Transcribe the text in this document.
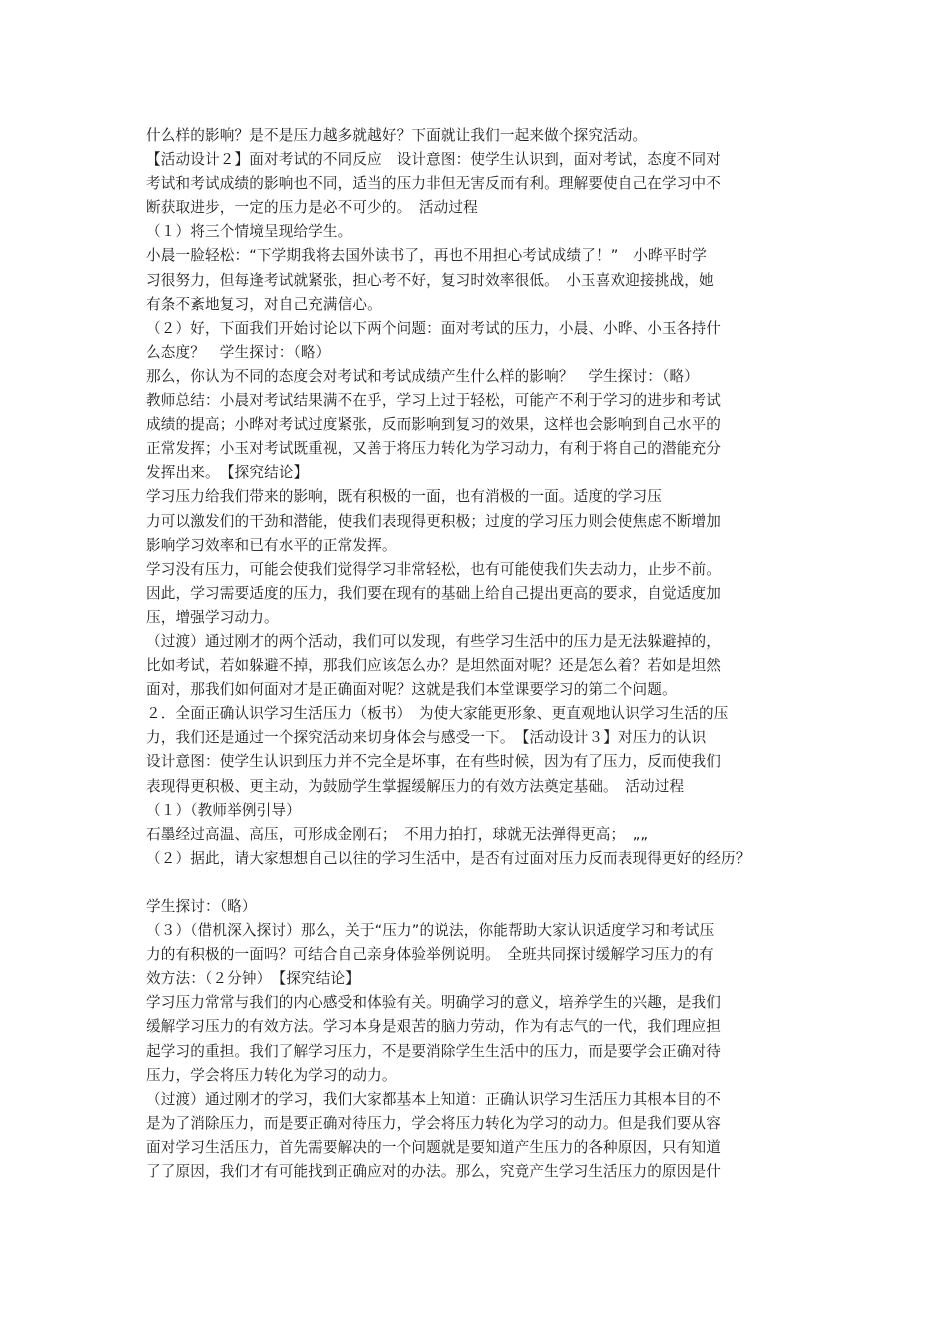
什么样的影响？是不是压力越多就越好？下面就让我们一起来做个探究活动。
【活动设计２】面对考试的不同反应　设计意图：使学生认识到，面对考试，态度不同对
考试和考试成绩的影响也不同，适当的压力非但无害反而有利。理解要使自己在学习中不
断获取进步，一定的压力是必不可少的。　活动过程
（１）将三个情境呈现给学生。
小晨一脸轻松：“下学期我将去国外读书了，再也不用担心考试成绩了！”　小晔平时学
习很努力，但每逢考试就紧张，担心考不好，复习时效率很低。　小玉喜欢迎接挑战，她
有条不紊地复习，对自己充满信心。
（２）好，下面我们开始讨论以下两个问题：面对考试的压力，小晨、小晔、小玉各持什
么态度？　学生探讨：（略）
那么，你认为不同的态度会对考试和考试成绩产生什么样的影响？　学生探讨：（略）
教师总结：小晨对考试结果满不在乎，学习上过于轻松，可能产不利于学习的进步和考试
成绩的提高；小晔对考试过度紧张，反而影响到复习的效果，这样也会影响到自己水平的
正常发挥；小玉对考试既重视，又善于将压力转化为学习动力，有利于将自己的潜能充分
发挥出来。　【探究结论】
学习压力给我们带来的影响，既有积极的一面，也有消极的一面。适度的学习压
力可以激发们的干劲和潜能，使我们表现得更积极；过度的学习压力则会使焦虑不断增加
影响学习效率和已有水平的正常发挥。
学习没有压力，可能会使我们觉得学习非常轻松，也有可能使我们失去动力，止步不前。
因此，学习需要适度的压力，我们要在现有的基础上给自己提出更高的要求，自觉适度加
压，增强学习动力。
（过渡）通过刚才的两个活动，我们可以发现，有些学习生活中的压力是无法躲避掉的，
比如考试，若如躲避不掉，那我们应该怎么办？是坦然面对呢？还是怎么着？若如是坦然
面对，那我们如何面对才是正确面对呢？这就是我们本堂课要学习的第二个问题。
２．全面正确认识学习生活压力（板书）　为使大家能更形象、更直观地认识学习生活的压
力，我们还是通过一个探究活动来切身体会与感受一下。　【活动设计３】对压力的认识
设计意图：使学生认识到压力并不完全是坏事，在有些时候，因为有了压力，反而使我们
表现得更积极、更主动，为鼓励学生掌握缓解压力的有效方法奠定基础。　活动过程
（１）（教师举例引导）
石墨经过高温、高压，可形成金刚石；　不用力拍打，球就无法弹得更高；　„„
（２）据此，请大家想想自己以往的学习生活中，是否有过面对压力反而表现得更好的经历？
学生探讨：（略）
（３）（借机深入探讨）那么，关于“压力”的说法，你能帮助大家认识适度学习和考试压
力的有积极的一面吗？可结合自己亲身体验举例说明。　全班共同探讨缓解学习压力的有
效方法：（２分钟）　【探究结论】
学习压力常常与我们的内心感受和体验有关。明确学习的意义，培养学生的兴趣，是我们
缓解学习压力的有效方法。学习本身是艰苦的脑力劳动，作为有志气的一代，我们理应担
起学习的重担。我们了解学习压力，不是要消除学生生活中的压力，而是要学会正确对待
压力，学会将压力转化为学习的动力。
（过渡）通过刚才的学习，我们大家都基本上知道：正确认识学习生活压力其根本目的不
是为了消除压力，而是要正确对待压力，学会将压力转化为学习的动力。但是我们要从容
面对学习生活压力，首先需要解决的一个问题就是要知道产生压力的各种原因，只有知道
了了原因，我们才有可能找到正确应对的办法。那么，究竟产生学习生活压力的原因是什
